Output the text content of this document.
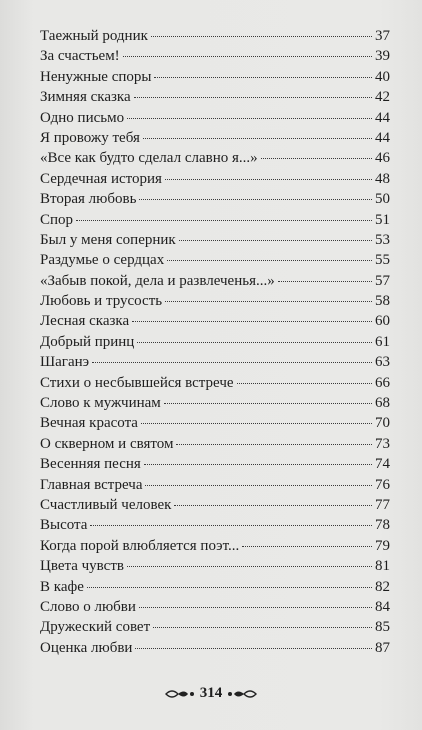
Таежный родник	37
За счастьем!	39
Ненужные споры	40
Зимняя сказка	42
Одно письмо	44
Я провожу тебя	44
«Все как будто сделал славно я...»	46
Сердечная история	48
Вторая любовь	50
Спор	51
Был у меня соперник	53
Раздумье о сердцах	55
«Забыв покой, дела и развлеченья...»	57
Любовь и трусость	58
Лесная сказка	60
Добрый принц	61
Шаганэ	63
Стихи о несбывшейся встрече	66
Слово к мужчинам	68
Вечная красота	70
О скверном и святом	73
Весенняя песня	74
Главная встреча	76
Счастливый человек	77
Высота	78
Когда порой влюбляется поэт...	79
Цвета чувств	81
В кафе	82
Слово о любви	84
Дружеский совет	85
Оценка любви	87
314
